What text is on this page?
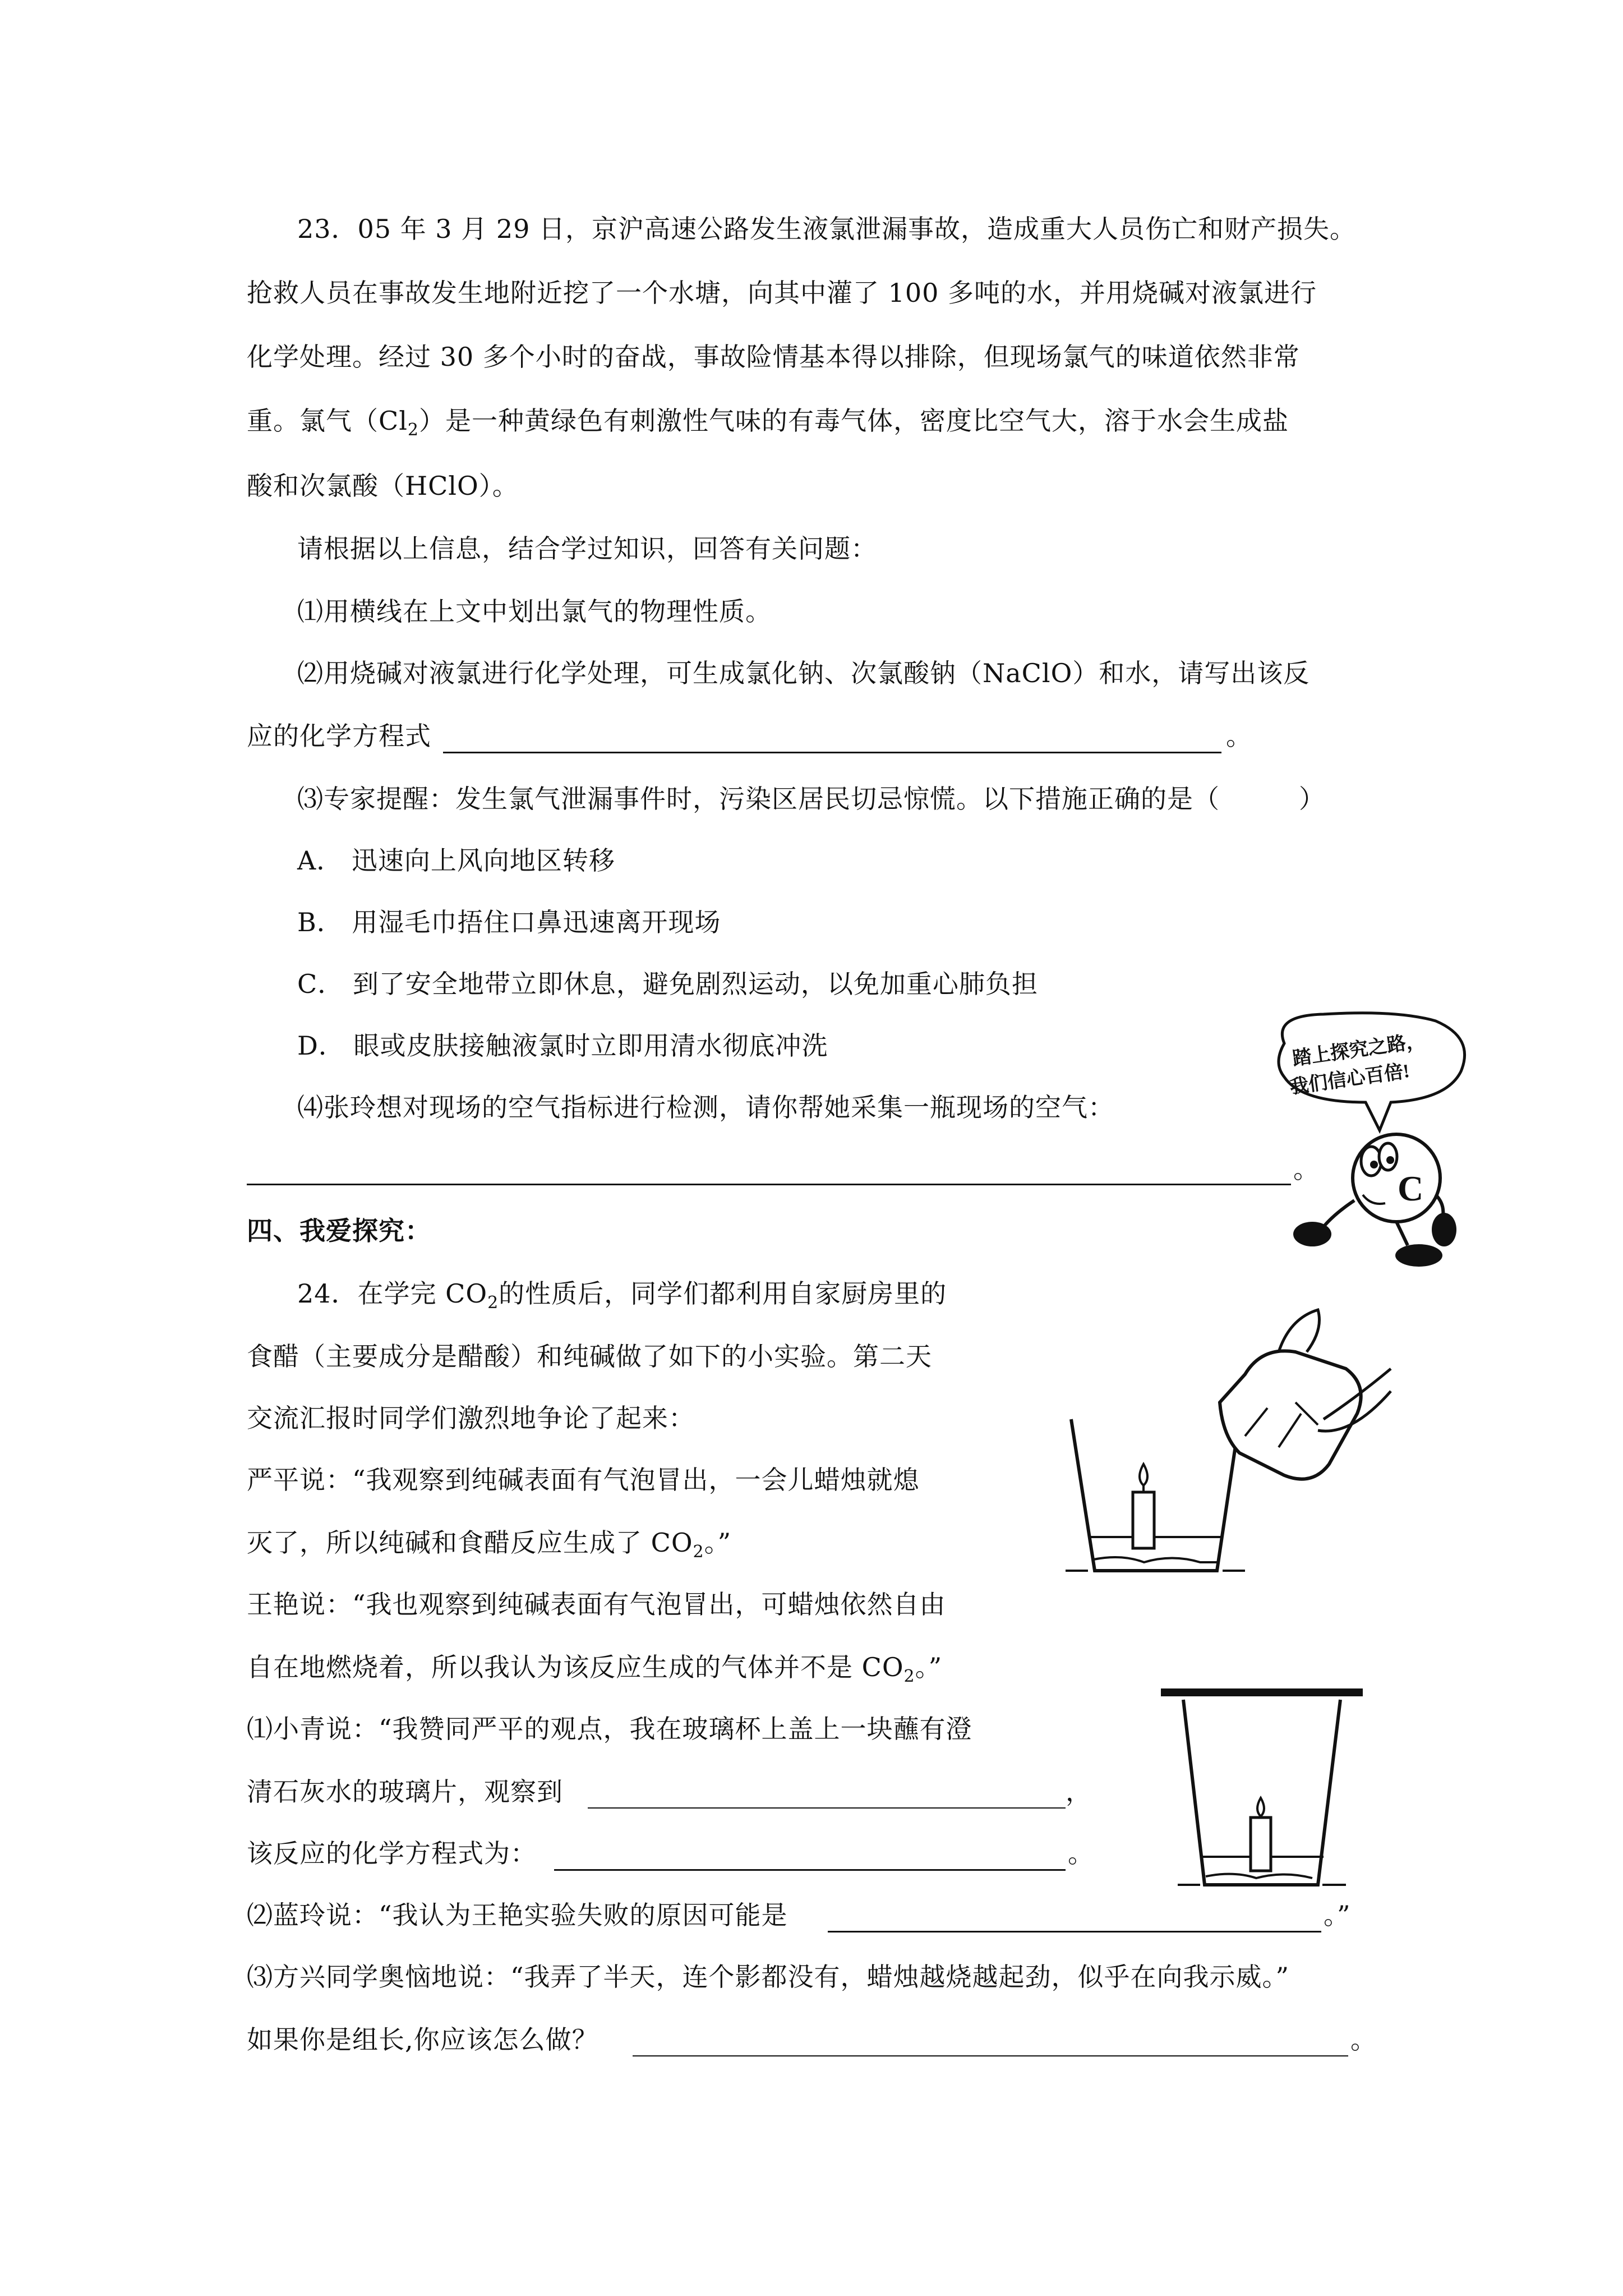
23．05 年 3 月 29 日，京沪高速公路发生液氯泄漏事故，造成重大人员伤亡和财产损失。
抢救人员在事故发生地附近挖了一个水塘，向其中灌了 100 多吨的水，并用烧碱对液氯进行
化学处理。经过 30 多个小时的奋战，事故险情基本得以排除，但现场氯气的味道依然非常
重。氯气$(Cl_2)$是一种黄绿色有刺激性气味的有毒气体，密度比空气大，溶于水会生成盐
酸和次氯酸（HClO）。
请根据以上信息，结合学过知识，回答有关问题：
⑴用横线在上文中划出氯气的物理性质。
⑵用烧碱对液氯进行化学处理，可生成氯化钠、次氯酸钠（NaClO）和水，请写出该反
应的化学方程式	。
⑶专家提醒：发生氯气泄漏事件时，污染区居民切忌惊慌。以下措施正确的是（　　　）
A． 迅速向上风向地区转移
B． 用湿毛巾捂住口鼻迅速离开现场
C． 到了安全地带立即休息，避免剧烈运动，以免加重心肺负担
D． 眼或皮肤接触液氯时立即用清水彻底冲洗
⑷张玲想对现场的空气指标进行检测，请你帮她采集一瓶现场的空气：
。
踏上探究之路，
我们信心百倍!
C
四、我爱探究：
24．在学完 $CO_2$的性质后，同学们都利用自家厨房里的
食醋（主要成分是醋酸）和纯碱做了如下的小实验。第二天
交流汇报时同学们激烈地争论了起来：
严平说：“我观察到纯碱表面有气泡冒出，一会儿蜡烛就熄
灭了，所以纯碱和食醋反应生成了 $CO_2$。”
王艳说：“我也观察到纯碱表面有气泡冒出，可蜡烛依然自由
自在地燃烧着，所以我认为该反应生成的气体并不是 $CO_2$。”
⑴小青说：“我赞同严平的观点，我在玻璃杯上盖上一块蘸有澄
清石灰水的玻璃片，观察到	，
该反应的化学方程式为：	。
⑵蓝玲说：“我认为王艳实验失败的原因可能是	。”
⑶方兴同学奥恼地说：“我弄了半天，连个影都没有，蜡烛越烧越起劲，似乎在向我示威。”
如果你是组长,你应该怎么做？	。
